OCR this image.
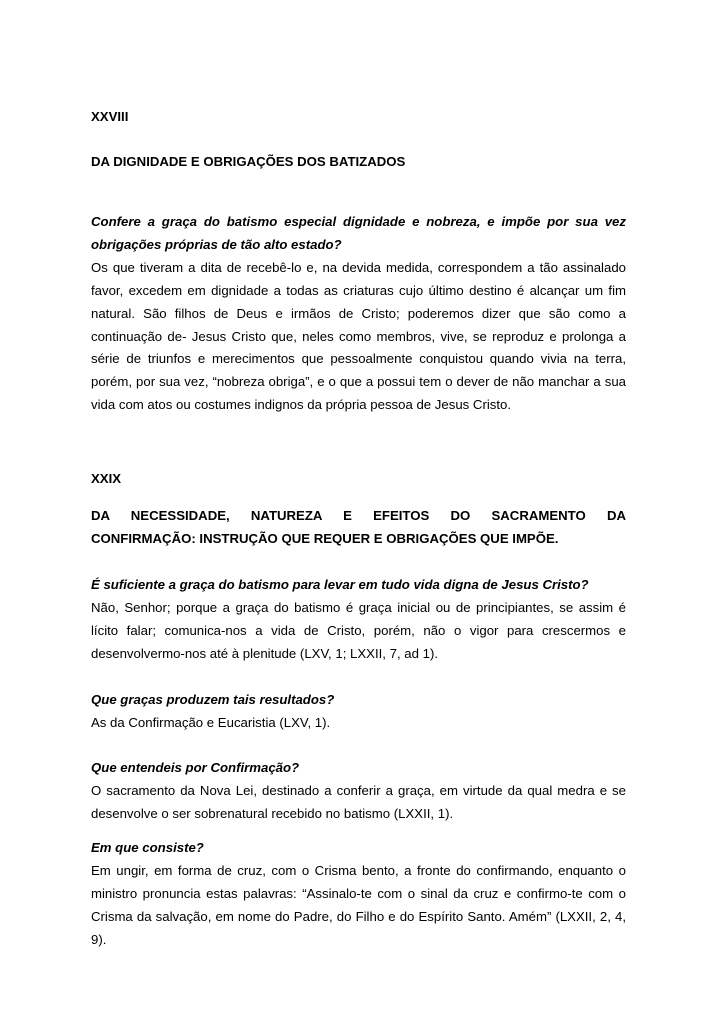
XXVIII
DA DIGNIDADE E OBRIGAÇÕES DOS BATIZADOS
Confere a graça do batismo especial dignidade e nobreza, e impõe por sua vez obrigações próprias de tão alto estado?
Os que tiveram a dita de recebê-lo e, na devida medida, correspondem a tão assinalado favor, excedem em dignidade a todas as criaturas cujo último destino é alcançar um fim natural. São filhos de Deus e irmãos de Cristo; poderemos dizer que são como a continuação de- Jesus Cristo que, neles como membros, vive, se reproduz e prolonga a série de triunfos e merecimentos que pessoalmente conquistou quando vivia na terra, porém, por sua vez, “nobreza obriga”, e o que a possui tem o dever de não manchar a sua vida com atos ou costumes indignos da própria pessoa de Jesus Cristo.
XXIX
DA NECESSIDADE, NATUREZA E EFEITOS DO SACRAMENTO DA
CONFIRMAÇÃO: INSTRUÇÃO QUE REQUER E OBRIGAÇÕES QUE IMPÕE.
É suficiente a graça do batismo para levar em tudo vida digna de Jesus Cristo?
Não, Senhor; porque a graça do batismo é graça inicial ou de principiantes, se assim é lícito falar; comunica-nos a vida de Cristo, porém, não o vigor para crescermos e desenvolvermo-nos até à plenitude (LXV, 1; LXXII, 7, ad 1).
Que graças produzem tais resultados?
As da Confirmação e Eucaristia (LXV, 1).
Que entendeis por Confirmação?
O sacramento da Nova Lei, destinado a conferir a graça, em virtude da qual medra e se desenvolve o ser sobrenatural recebido no batismo (LXXII, 1).
Em que consiste?
Em ungir, em forma de cruz, com o Crisma bento, a fronte do confirmando, enquanto o ministro pronuncia estas palavras: “Assinalo-te com o sinal da cruz e confirmo-te com o Crisma da salvação, em nome do Padre, do Filho e do Espírito Santo. Amém” (LXXII, 2, 4, 9).
